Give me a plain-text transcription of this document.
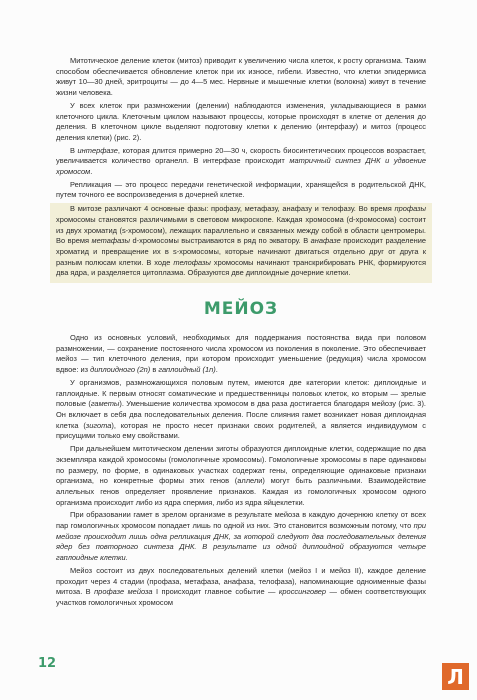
Митотическое деление клеток (митоз) приводит к увеличению числа клеток, к росту организма. Таким способом обеспечивается обновление клеток при их износе, гибели. Известно, что клетки эпидермиса живут 10—30 дней, эритроциты — до 4—5 мес. Нервные и мышечные клетки (волокна) живут в течение жизни человека.

У всех клеток при размножении (делении) наблюдаются изменения, укладывающиеся в рамки клеточного цикла. Клеточным циклом называют процессы, которые происходят в клетке от деления до деления. В клеточном цикле выделяют подготовку клетки к делению (интерфазу) и митоз (процесс деления клетки) (рис. 2).

В интерфазе, которая длится примерно 20—30 ч, скорость биосинтетических процессов возрастает, увеличивается количество органелл. В интерфазе происходит матричный синтез ДНК и удвоение хромосом.

Репликация — это процесс передачи генетической информации, хранящейся в родительской ДНК, путем точного ее воспроизведения в дочерней клетке.

В митозе различают 4 основные фазы: профазу, метафазу, анафазу и телофазу. Во время профазы хромосомы становятся различимыми в световом микроскопе. Каждая хромосома (d-хромосома) состоит из двух хроматид (s-хромосом), лежащих параллельно и связанных между собой в области центромеры. Во время метафазы d-хромосомы выстраиваются в ряд по экватору. В анафазе происходит разделение хроматид и превращение их в s-хромосомы, которые начинают двигаться отдельно друг от друга к разным полюсам клетки. В ходе телофазы хромосомы начинают транскрибировать РНК, формируются два ядра, и разделяется цитоплазма. Образуются две диплоидные дочерние клетки.

МЕЙОЗ

Одно из основных условий, необходимых для поддержания постоянства вида при половом размножении, — сохранение постоянного числа хромосом из поколения в поколение. Это обеспечивает мейоз — тип клеточного деления, при котором происходит уменьшение (редукция) числа хромосом вдвое: из диплоидного (2n) в гаплоидный (1n).

У организмов, размножающихся половым путем, имеются две категории клеток: диплоидные и гаплоидные. К первым относят соматические и предшественницы половых клеток, ко вторым — зрелые половые (гаметы). Уменьшение количества хромосом в два раза достигается благодаря мейозу (рис. 3). Он включает в себя два последовательных деления. После слияния гамет возникает новая диплоидная клетка (зигота), которая не просто несет признаки своих родителей, а является индивидуумом с присущими только ему свойствами.

При дальнейшем митотическом делении зиготы образуются диплоидные клетки, содержащие по два экземпляра каждой хромосомы (гомологичные хромосомы). Гомологичные хромосомы в паре одинаковы по размеру, по форме, в одинаковых участках содержат гены, определяющие одинаковые признаки организма, но конкретные формы этих генов (аллели) могут быть различными. Взаимодействие аллельных генов определяет проявление признаков. Каждая из гомологичных хромосом одного организма происходит либо из ядра спермия, либо из ядра яйцеклетки.

При образовании гамет в зрелом организме в результате мейоза в каждую дочернюю клетку от всех пар гомологичных хромосом попадает лишь по одной из них. Это становится возможным потому, что при мейозе происходит лишь одна репликация ДНК, за которой следуют два последовательных деления ядер без повторного синтеза ДНК. В результате из одной диплоидной образуются четыре гаплоидные клетки.

Мейоз состоит из двух последовательных делений клетки (мейоз I и мейоз II), каждое деление проходит через 4 стадии (профаза, метафаза, анафаза, телофаза), напоминающие одноименные фазы митоза. В профазе мейоза I происходит главное событие — кроссинговер — обмен соответствующих участков гомологичных хромосом

12
Л
